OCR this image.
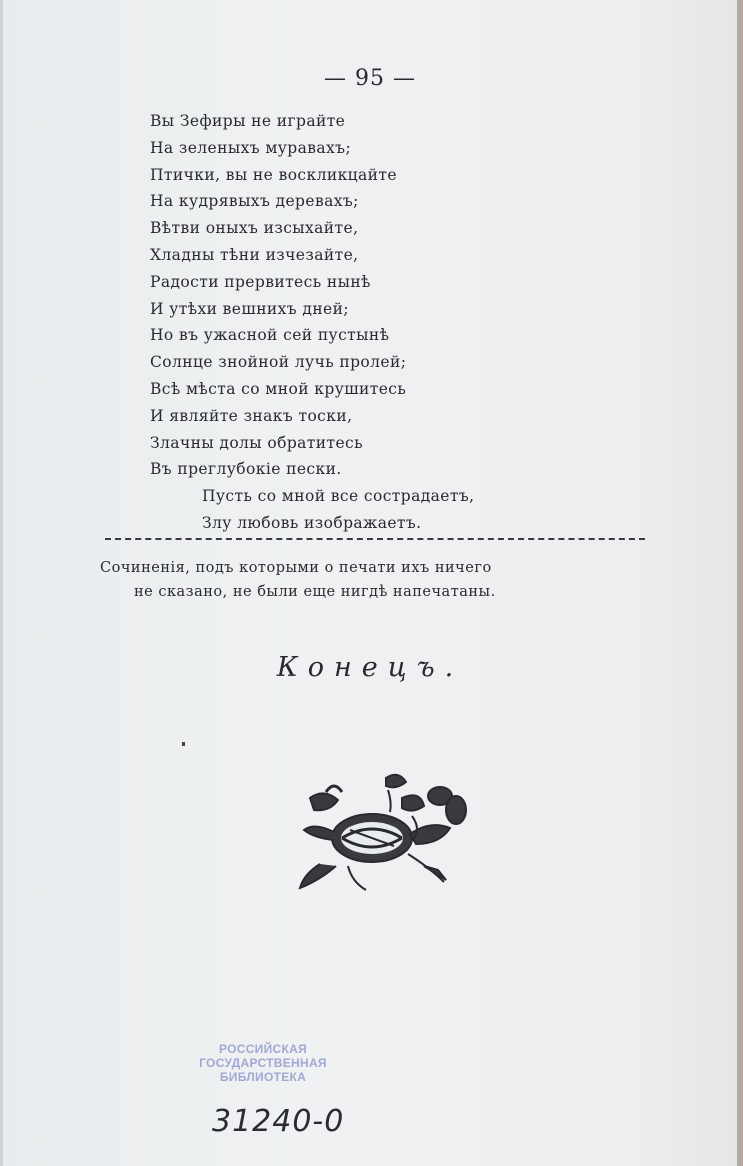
— 95 —
Вы Зефиры не играйте
На зеленыхъ муравахъ;
Птички, вы не воскликцайте
На кудрявыхъ деревахъ;
Вѣтви оныхъ изсыхайте,
Хладны тѣни изчезайте,
Радости прервитесь нынѣ
И утѣхи вешнихъ дней;
Но въ ужасной сей пустынѣ
Солнце знойной лучь пролей;
Всѣ мѣста со мной крушитесь
И являйте знакъ тоски,
Злачны долы обратитесь
Въ прeглубокiе пески.
Пусть со мной все сострадаетъ,
Злу любовь изображаетъ.
Сочиненiя, подъ которыми о печати ихъ ничего
не сказано, не были еще нигдѣ напечатаны.
Конецъ.
РОССИЙСКАЯ
ГОСУДАРСТВЕННАЯ
БИБЛИОТЕКА
31240-0
